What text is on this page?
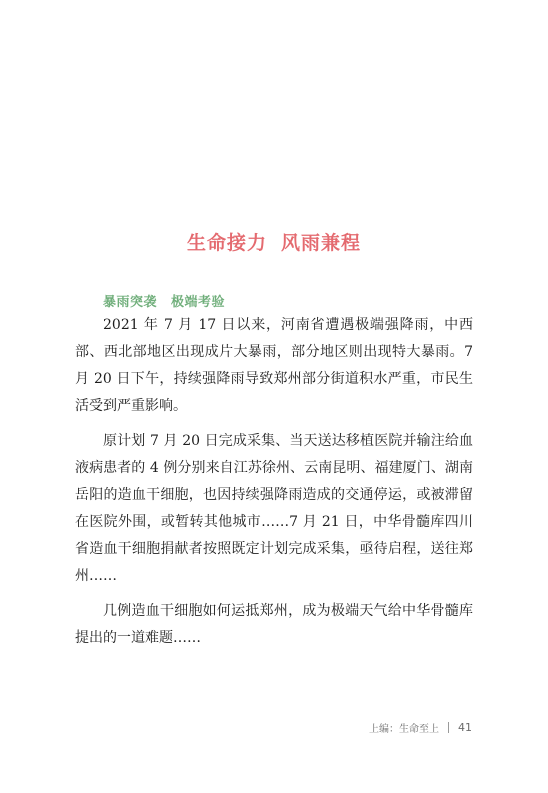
生命接力 风雨兼程
暴雨突袭 极端考验

2021 年 7 月 17 日以来，河南省遭遇极端强降雨，中西部、西北部地区出现成片大暴雨，部分地区则出现特大暴雨。7 月 20 日下午，持续强降雨导致郑州部分街道积水严重，市民生活受到严重影响。

原计划 7 月 20 日完成采集、当天送达移植医院并输注给血液病患者的 4 例分别来自江苏徐州、云南昆明、福建厦门、湖南岳阳的造血干细胞，也因持续强降雨造成的交通停运，或被滞留在医院外围，或暂转其他城市……7 月 21 日，中华骨髓库四川省造血干细胞捐献者按照既定计划完成采集，亟待启程，送往郑州……

几例造血干细胞如何运抵郑州，成为极端天气给中华骨髓库提出的一道难题……

上编：生命至上 41
